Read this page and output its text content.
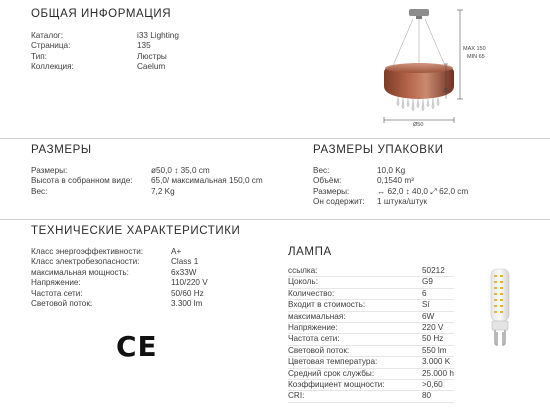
ОБЩАЯ ИНФОРМАЦИЯ
Каталог:	i33 Lighting
Страница:	135
Тип:	Люстры
Коллекция:	Caelum
MAX 150
MIN 65
35
Ø50
РАЗМЕРЫ
Размеры:	ø50,0 ↕ 35,0 cm
Высота в собранном виде:	65,0/ максимальная 150,0 cm
Вес:	7,2 Kg
РАЗМЕРЫ УПАКОВКИ
Вес:	10,0 Kg
Объём:	0,1540 m³
Размеры:	↔ 62,0 ↕ 40,0 ⤢ 62,0 cm
Он содержит:	1 штука/штук
ТЕХНИЧЕСКИЕ ХАРАКТЕРИСТИКИ
Класс энергоэффективности:	A+
Класс электробезопасности:	Class 1
максимальная мощность:	6x33W
Напряжение:	110/220 V
Частота сети:	50/60 Hz
Световой поток:	3.300 lm
CE
ЛАМПА
ссылка:	50212
Цоколь:	G9
Количество:	6
Входит в стоимость:	Sí
максимальная:	6W
Напряжение:	220 V
Частота сети:	50 Hz
Световой поток:	550 lm
Цветовая температура:	3.000 K
Средний срок службы:	25.000 h
Коэффициент мощности:	>0,60
CRI:	80
